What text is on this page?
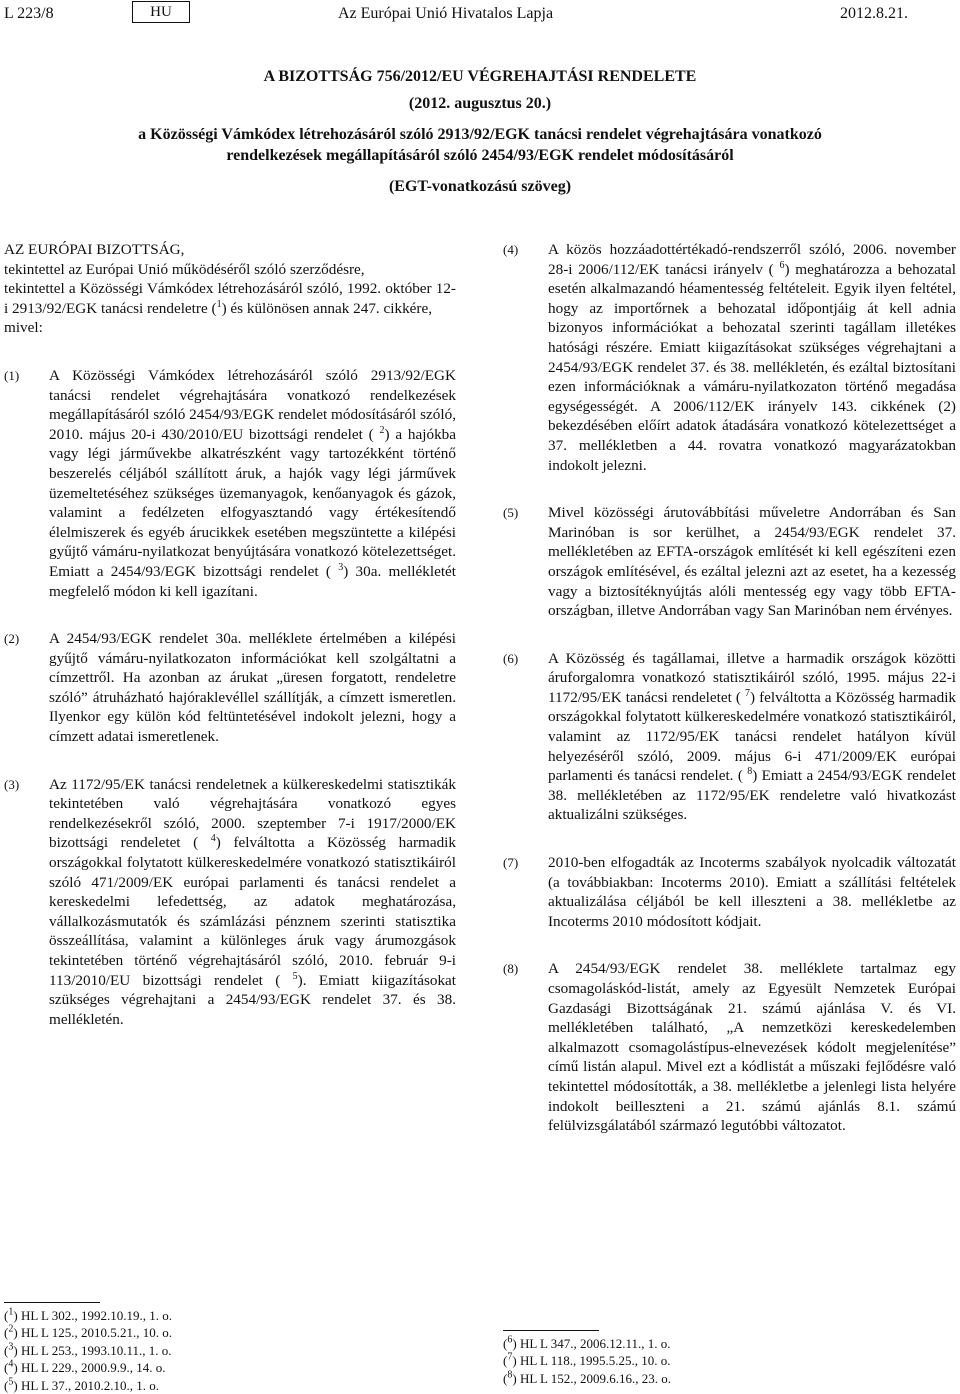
L 223/8	HU	Az Európai Unió Hivatalos Lapja	2012.8.21.
A BIZOTTSÁG 756/2012/EU VÉGREHAJTÁSI RENDELETE
(2012. augusztus 20.)
a Közösségi Vámkódex létrehozásáról szóló 2913/92/EGK tanácsi rendelet végrehajtására vonatkozó
rendelkezések megállapításáról szóló 2454/93/EGK rendelet módosításáról
(EGT-vonatkozású szöveg)

AZ EURÓPAI BIZOTTSÁG,

tekintettel az Európai Unió működéséről szóló szerződésre,

tekintettel a Közösségi Vámkódex létrehozásáról szóló, 1992. október 12-i 2913/92/EGK tanácsi rendeletre ($^1$) és különösen annak 247. cikkére,

mivel:

(1)	A Közösségi Vámkódex létrehozásáról szóló 2913/92/EGK tanácsi rendelet végrehajtására vonatkozó rendelkezések megállapításáról szóló 2454/93/EGK rendelet módosításáról szóló, 2010. május 20-i 430/2010/EU bizottsági rendelet ( $^2$) a hajókba vagy légi járművekbe alkatrészként vagy tartozékként történő beszerelés céljából szállított áruk, a hajók vagy légi járművek üzemeltetéséhez szükséges üzemanyagok, kenőanyagok és gázok, valamint a fedélzeten elfogyasztandó vagy értékesítendő élelmiszerek és egyéb árucikkek esetében megszüntette a kilépési gyűjtő vámáru-nyilatkozat benyújtására vonatkozó kötelezettséget. Emiatt a 2454/93/EGK bizottsági rendelet ( $^3$) 30a. mellékletét megfelelő módon ki kell igazítani.
(2)	A 2454/93/EGK rendelet 30a. melléklete értelmében a kilépési gyűjtő vámáru-nyilatkozaton információkat kell szolgáltatni a címzettről. Ha azonban az árukat „üresen forgatott, rendeletre szóló” átruházható hajóraklevéllel szállítják, a címzett ismeretlen. Ilyenkor egy külön kód feltüntetésével indokolt jelezni, hogy a címzett adatai ismeretlenek.
(3)	Az 1172/95/EK tanácsi rendeletnek a külkereskedelmi statisztikák tekintetében való végrehajtására vonatkozó egyes rendelkezésekről szóló, 2000. szeptember 7-i 1917/2000/EK bizottsági rendeletet ( $^4$) felváltotta a Közösség harmadik országokkal folytatott külkereskedelmére vonatkozó statisztikáiról szóló 471/2009/EK európai parlamenti és tanácsi rendelet a kereskedelmi lefedettség, az adatok meghatározása, vállalkozásmutatók és számlázási pénznem szerinti statisztika összeállítása, valamint a különleges áruk vagy árumozgások tekintetében történő végrehajtásáról szóló, 2010. február 9-i 113/2010/EU bizottsági rendelet ( $^5$). Emiatt kiigazításokat szükséges végrehajtani a 2454/93/EGK rendelet 37. és 38. mellékletén.
(4)	A közös hozzáadottértékadó-rendszerről szóló, 2006. november 28-i 2006/112/EK tanácsi irányelv ( $^6$) meghatározza a behozatal esetén alkalmazandó héamentesség feltételeit. Egyik ilyen feltétel, hogy az importőrnek a behozatal időpontjáig át kell adnia bizonyos információkat a behozatal szerinti tagállam illetékes hatósági részére. Emiatt kiigazításokat szükséges végrehajtani a 2454/93/EGK rendelet 37. és 38. mellékletén, és ezáltal biztosítani ezen információknak a vámáru-nyilatkozaton történő megadása egységességét. A 2006/112/EK irányelv 143. cikkének (2) bekezdésében előírt adatok átadására vonatkozó kötelezettséget a 37. mellékletben a 44. rovatra vonatkozó magyarázatokban indokolt jelezni.
(5)	Mivel közösségi árutovábbítási műveletre Andorrában és San Marinóban is sor kerülhet, a 2454/93/EGK rendelet 37. mellékletében az EFTA-országok említését ki kell egészíteni ezen országok említésével, és ezáltal jelezni azt az esetet, ha a kezesség vagy a biztosítéknyújtás alóli mentesség egy vagy több EFTA-országban, illetve Andorrában vagy San Marinóban nem érvényes.
(6)	A Közösség és tagállamai, illetve a harmadik országok közötti áruforgalomra vonatkozó statisztikáiról szóló, 1995. május 22-i 1172/95/EK tanácsi rendeletet ( $^7$) felváltotta a Közösség harmadik országokkal folytatott külkereskedelmére vonatkozó statisztikáiról, valamint az 1172/95/EK tanácsi rendelet hatályon kívül helyezéséről szóló, 2009. május 6-i 471/2009/EK európai parlamenti és tanácsi rendelet. ( $^8$) Emiatt a 2454/93/EGK rendelet 38. mellékletében az 1172/95/EK rendeletre való hivatkozást aktualizálni szükséges.
(7)	2010-ben elfogadták az Incoterms szabályok nyolcadik változatát (a továbbiakban: Incoterms 2010). Emiatt a szállítási feltételek aktualizálása céljából be kell illeszteni a 38. mellékletbe az Incoterms 2010 módosított kódjait.
(8)	A 2454/93/EGK rendelet 38. melléklete tartalmaz egy csomagoláskód-listát, amely az Egyesült Nemzetek Európai Gazdasági Bizottságának 21. számú ajánlása V. és VI. mellékletében található, „A nemzetközi kereskedelemben alkalmazott csomagolástípus-elnevezések kódolt megjelenítése” című listán alapul. Mivel ezt a kódlistát a műszaki fejlődésre való tekintettel módosították, a 38. mellékletbe a jelenlegi lista helyére indokolt beilleszteni a 21. számú ajánlás 8.1. számú felülvizsgálatából származó legutóbbi változatot.
($^1$) HL L 302., 1992.10.19., 1. o.
($^2$) HL L 125., 2010.5.21., 10. o.
($^3$) HL L 253., 1993.10.11., 1. o.
($^4$) HL L 229., 2000.9.9., 14. o.
($^5$) HL L 37., 2010.2.10., 1. o.
($^6$) HL L 347., 2006.12.11., 1. o.
($^7$) HL L 118., 1995.5.25., 10. o.
($^8$) HL L 152., 2009.6.16., 23. o.
